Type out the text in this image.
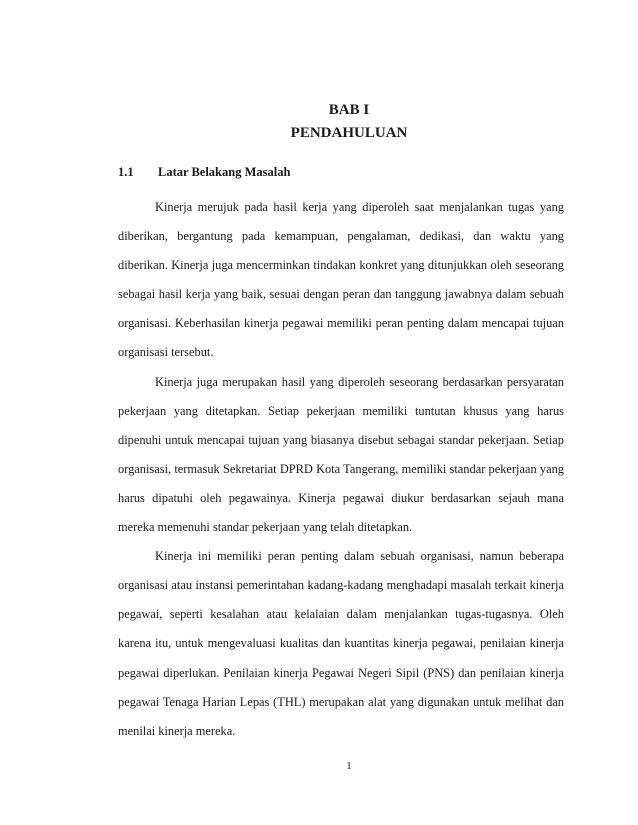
BAB I
PENDAHULUAN
1.1 Latar Belakang Masalah

Kinerja merujuk pada hasil kerja yang diperoleh saat menjalankan tugas yang diberikan, bergantung pada kemampuan, pengalaman, dedikasi, dan waktu yang diberikan. Kinerja juga mencerminkan tindakan konkret yang ditunjukkan oleh seseorang sebagai hasil kerja yang baik, sesuai dengan peran dan tanggung jawabnya dalam sebuah organisasi. Keberhasilan kinerja pegawai memiliki peran penting dalam mencapai tujuan organisasi tersebut.

Kinerja juga merupakan hasil yang diperoleh seseorang berdasarkan persyaratan pekerjaan yang ditetapkan. Setiap pekerjaan memiliki tuntutan khusus yang harus dipenuhi untuk mencapai tujuan yang biasanya disebut sebagai standar pekerjaan. Setiap organisasi, termasuk Sekretariat DPRD Kota Tangerang, memiliki standar pekerjaan yang harus dipatuhi oleh pegawainya. Kinerja pegawai diukur berdasarkan sejauh mana mereka memenuhi standar pekerjaan yang telah ditetapkan.

Kinerja ini memiliki peran penting dalam sebuah organisasi, namun beberapa organisasi atau instansi pemerintahan kadang-kadang menghadapi masalah terkait kinerja pegawai, seperti kesalahan atau kelalaian dalam menjalankan tugas-tugasnya. Oleh karena itu, untuk mengevaluasi kualitas dan kuantitas kinerja pegawai, penilaian kinerja pegawai diperlukan. Penilaian kinerja Pegawai Negeri Sipil (PNS) dan penilaian kinerja pegawai Tenaga Harian Lepas (THL) merupakan alat yang digunakan untuk melihat dan menilai kinerja mereka.

1
